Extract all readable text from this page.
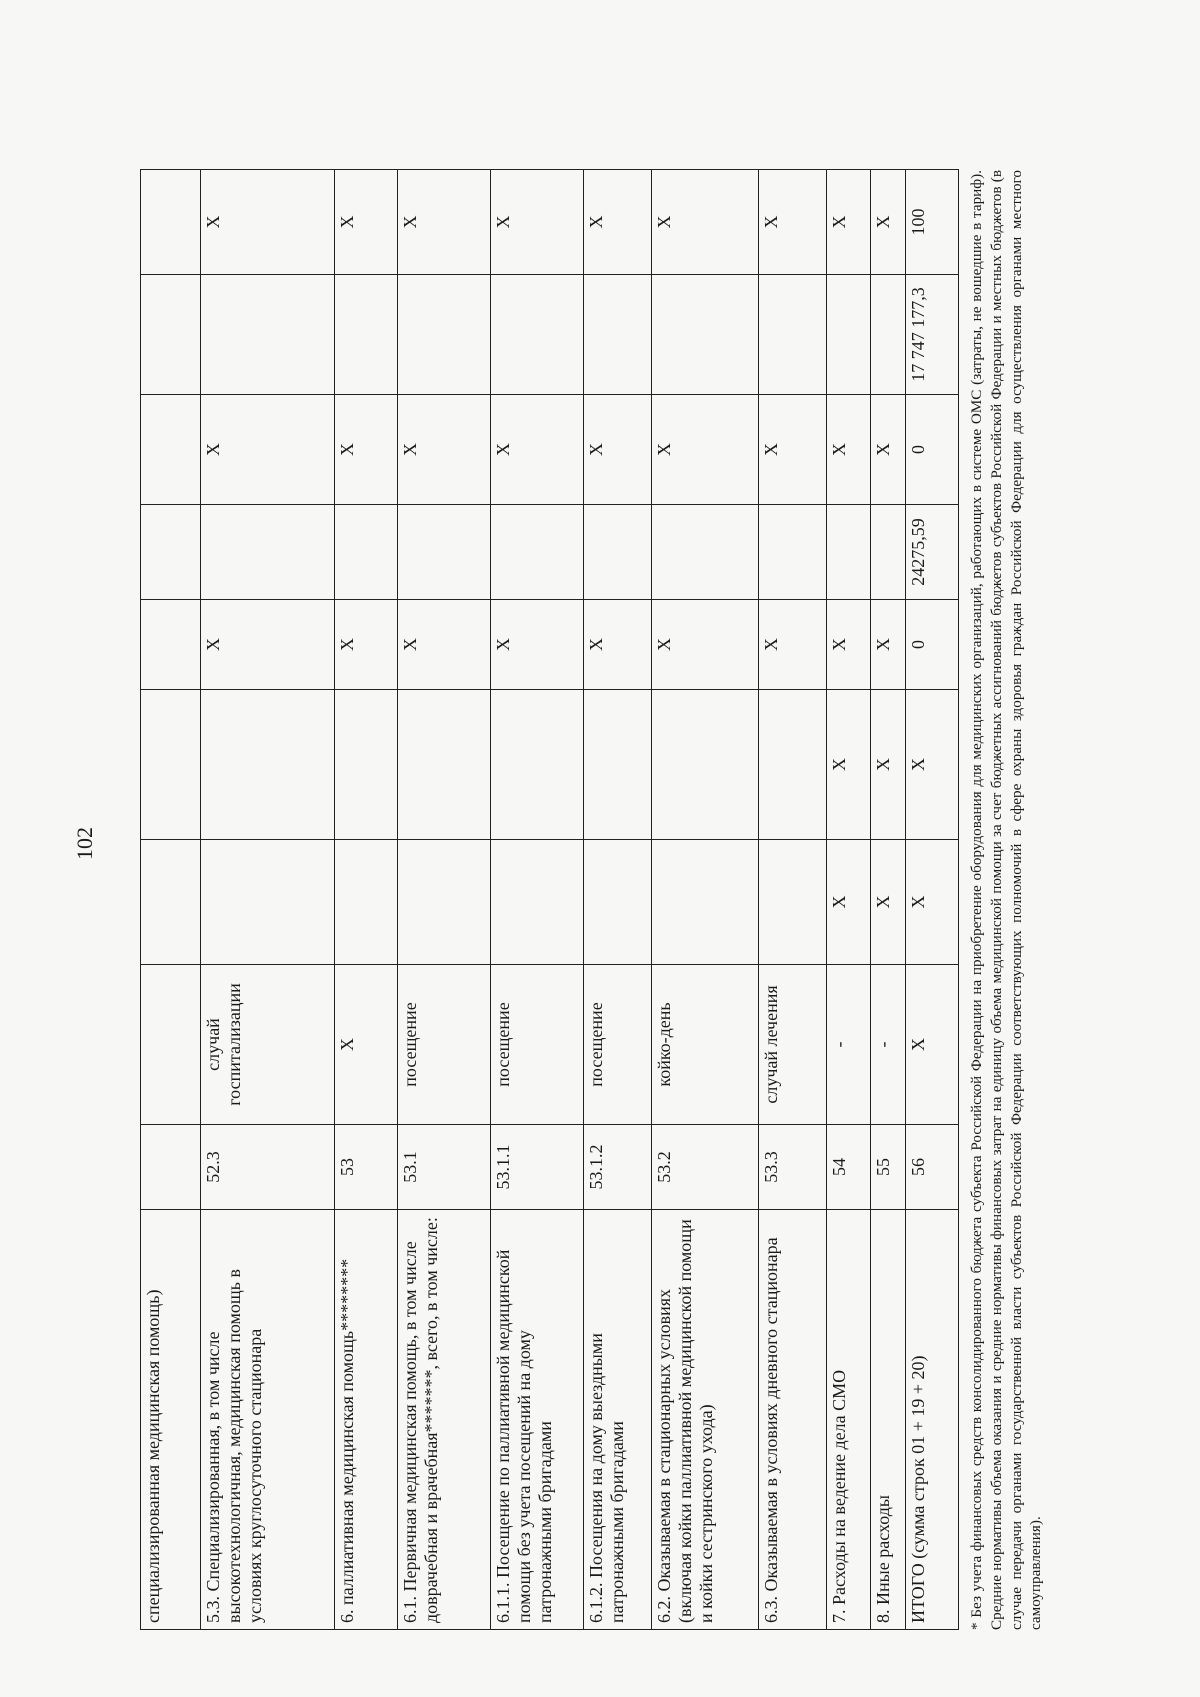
102
специализированная медицинская помощь)									
5.3. Специализированная, в том числе высокотехнологичная, медицинская помощь в условиях круглосуточного стационара	52.3	случай госпитализации			X		X		X
6. паллиативная медицинская помощь********	53	X			X		X		X
6.1. Первичная медицинская помощь, в том числе доврачебная и врачебная*******, всего, в том числе:	53.1	посещение			X		X		X
6.1.1. Посещение по паллиативной медицинской помощи без учета посещений на дому патронажными бригадами	53.1.1	посещение			X		X		X
6.1.2. Посещения на дому выездными патронажными бригадами	53.1.2	посещение			X		X		X
6.2. Оказываемая в стационарных условиях (включая койки паллиативной медицинской помощи и койки сестринского ухода)	53.2	койко-день			X		X		X
6.3. Оказываемая в условиях дневного стационара	53.3	случай лечения			X		X		X
7. Расходы на ведение дела СМО	54	-	X	X	X		X		X
8. Иные расходы	55	-	X	X	X		X		X
ИТОГО (сумма строк 01 + 19 + 20)	56	X	X	X	0	24275,59	0	17 747 177,3	100	* Без учета финансовых средств консолидированного бюджета субъекта Российской Федерации на приобретение оборудования для медицинских организаций, работающих в системе ОМС (затраты, не вошедшие в тариф). Средние нормативы объема оказания и средние нормативы финансовых затрат на единицу объема медицинской помощи за счет бюджетных ассигнований бюджетов субъектов Российской Федерации и местных бюджетов (в случае передачи органами государственной власти субъектов Российской Федерации соответствующих полномочий в сфере охраны здоровья граждан Российской Федерации для осуществления органами местного самоуправления).
